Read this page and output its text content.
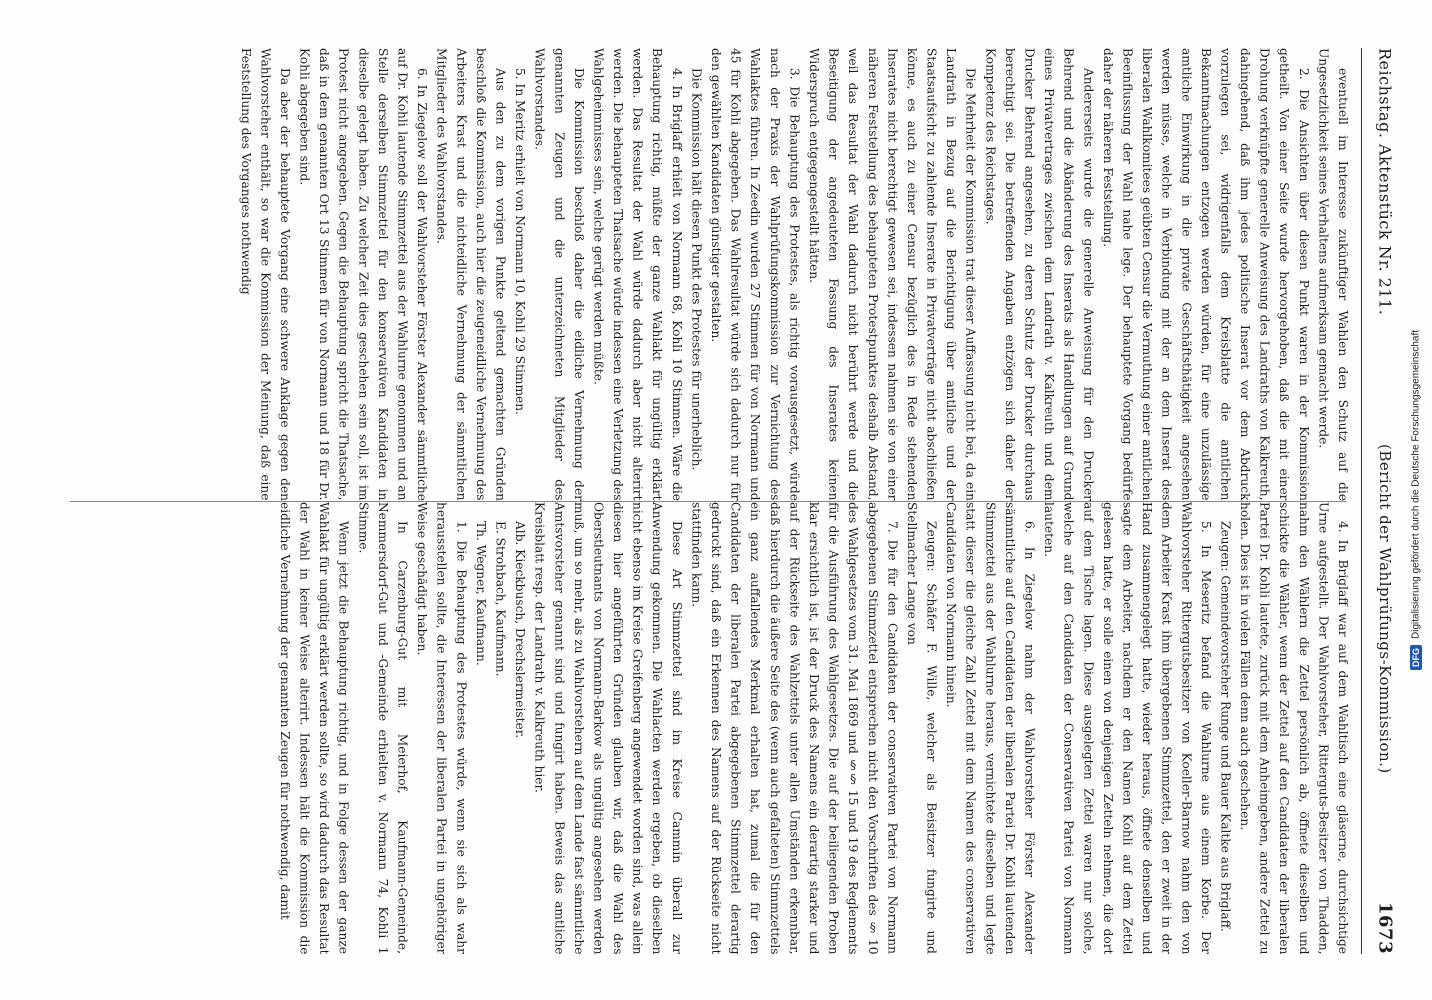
Reichstag. Aktenstück Nr. 211.
(Bericht der Wahlprüfungs-Kommission.)
1673

eventuell im Interesse zukünftiger Wahlen den Schutz auf die Ungesetzlichkeit seines Verhaltens aufmerksam gemacht werde.

2. Die Ansichten über diesen Punkt waren in der Kommission getheilt. Von einer Seite wurde hervorgehoben, daß die mit einer Drohung verknüpfte generelle Anweisung des Landraths von Kalkreuth, dahingehend, daß ihm jedes politische Inserat vor dem Abdruck vorzulegen sei, widrigenfalls dem Kreisblatte die amtlichen Bekanntmachungen entzogen werden würden, für eine unzulässige amtliche Einwirkung in die private Geschäftsthätigkeit angesehen werden müsse, welche in Verbindung mit der an dem Inserat des liberalen Wahlkomitees geübten Censur die Vermuthung einer amtlichen Beeinflussung der Wahl nahe lege. Der behauptete Vorgang bedürfe daher der näheren Feststellung.

Andererseits wurde die generelle Anweisung für den Drucker Behrend und die Abänderung des Inserats als Handlungen auf Grund eines Privatvertrages zwischen dem Landrath v. Kalkreuth und dem Drucker Behrend angesehen, zu deren Schutz der Drucker durchaus berechtigt sei. Die betreffenden Angaben entzögen sich daher der Kompetenz des Reichstages.

Die Mehrheit der Kommission trat dieser Auffassung nicht bei, da ein Landrath in Bezug auf die Berichtigung über amtliche und der Staatsaufsicht zu zahlende Inserate in Privatverträge nicht abschließen könne, es auch zu einer Censur bezüglich des in Rede stehenden Inserates nicht berechtigt gewesen sei, indessen nahmen sie von einer näheren Feststellung des behaupteten Protestpunktes deshalb Abstand, weil das Resultat der Wahl dadurch nicht berührt werde und die Beseitigung der angedeuteten Fassung des Inserates keinen Widerspruch entgegengestellt hätten.

3. Die Behauptung des Protestes, als richtig vorausgesetzt, würde nach der Praxis der Wahlprüfungskommission zur Vernichtung des Wahlaktes führen. In Zeedin wurden 27 Stimmen für von Normann und 45 für Kohli abgegeben. Das Wahlresultat würde sich dadurch nur für den gewählten Kandidaten günstiger gestalten.

Die Kommission hält diesen Punkt des Protestes für unerheblich.

4. In Briglaff erhielt von Normann 68, Kohli 10 Stimmen. Wäre die Behauptung richtig, müßte der ganze Wahlakt für ungültig erklärt werden. Das Resultat der Wahl würde dadurch aber nicht alterirt werden. Die behaupteten Thatsache würde indessen eine Verletzung des Wahlgeheimnisses sein, welche gerügt werden müßte.

Die Kommission beschloß daher die eidliche Vernehmung der genannten Zeugen und die unterzeichneten Mitglieder des Wahlvorstandes.

5. In Meritz erhielt von Normann 10, Kohli 29 Stimmen.

Aus den zu dem vorigen Punkte geltend gemachten Gründen beschloß die Kommission, auch hier die zeugeneidliche Vernehmung des Arbeiters Krast und die nichteidliche Vernehmung der sämmtlichen Mitglieder des Wahlvorstandes.

6. In Ziegelow soll der Wahlvorsteher Förster Alexander sämmtliche auf Dr. Kohli lautende Stimmzettel aus der Wahlurne genommen und an Stelle derselben Stimmzettel für den konservativen Kandidaten in dieselbe gelegt haben. Zu welcher Zeit dies geschehen sein soll, ist im Protest nicht angegeben. Gegen die Behauptung spricht die Thatsache, daß in dem genannten Ort 13 Stimmen für von Normann und 18 für Dr. Kohli abgegeben sind.

Da aber der behauptete Vorgang eine schwere Anklage gegen den Wahlvorsteher enthält, so war die Kommission der Meinung, daß eine Feststellung des Vorganges nothwendig

4. In Briglaff war auf dem Wahltisch eine gläserne, durchsichtige Urne aufgestellt. Der Wahlvorsteher, Ritterguts-Besitzer von Thadden, nahm den Wählern die Zettel persönlich ab, öffnete dieselben und schickte die Wähler, wenn der Zettel auf den Candidaten der liberalen Partei Dr. Kohli lautete, zurück mit dem Anheimgeben, andere Zettel zu holen. Dies ist in vielen Fällen denn auch geschehen.

Zeugen: Gemeindevorsteher Runge und Bauer Kaltke aus Briglaff.

5. In Meseritz befand die Wahlurne aus einem Korbe. Der Wahlvorsteher Rittergutsbesitzer von Koeller-Barnow nahm den von dem Arbeiter Krast ihm übergebenen Stimmzettel, den er zweit in der Hand zusammengelegt hatte, wieder heraus, öffnete denselben und sagte dem Arbeiter, nachdem er den Namen Kohli auf dem Zettel gelesen hatte, er solle einen von denjenigen Zetteln nehmen, die dort auf dem Tische lagen. Diese ausgelegten Zettel waren nur solche, welche auf den Candidaten der Conservativen Partei von Normann lauteten.

6. In Ziegelow nahm der Wahlvorsteher Förster Alexander sämmtliche auf den Candidaten der liberalen Partei Dr. Kohli lautenden Stimmzettel aus der Wahlurne heraus, vernichtete dieselben und legte statt dieser die gleiche Zahl Zettel mit dem Namen des conservativen Candidaten von Normann hinein.

Zeugen: Schäfer F. Wille, welcher als Beisitzer fungirte und Stellmacher Lange von

7. Die für den Candidaten der conservativen Partei von Normann abgegebenen Stimmzettel entsprechen nicht den Vorschriften des § 10 des Wahlgesetzes vom 31. Mai 1869 und §§ 15 und 19 des Reglements für die Ausführung des Wahlgesetzes. Die auf der beiliegenden Proben klar ersichtlich ist, ist der Druck des Namens ein derartig starker und auf der Rückseite des Wahlzettels unter allen Umständen erkennbar, daß hierdurch die äußere Seite des (wenn auch gefalteten) Stimmzettels ein ganz auffallendes Merkmal erhalten hat, zumal die für den Candidaten der liberalen Partei abgegebenen Stimmzettel derartig gedruckt sind, daß ein Erkennen des Namens auf der Rückseite nicht stattfinden kann.

Diese Art Stimmzettel sind im Kreise Cammin überall zur Anwendung gekommen. Die Wahlacten werden ergeben, ob dieselben nicht ebenso im Kreise Greifenberg angewendet worden sind, was allein diesen hier angeführten Gründen glauben wir, daß die Wahl des Oberstleutnants von Normann-Barkow als ungültig angesehen werden muß, um so mehr, als zu Wahlvorstehern auf dem Lande fast sämmtliche Amtsvorsteher genannt sind und fungirt haben. Beweis das amtliche Kreisblatt resp. der Landrath v. Kalkreuth hier.

Alb. Kieckbusch, Drechslermeister.

E. Strohbach, Kaufmann.

Th. Wegner, Kaufmann.

1. Die Behauptung des Protestes würde, wenn sie sich als wahr herausstellen sollte, die Interessen der liberalen Partei in ungehöriger Weise geschädigt haben.

In Carzenburg-Gut mit Meierhof, Kaufmann-Gemeinde, Nemmersdorf-Gut und -Gemeinde erhielten v. Normann 74, Kohli 1 Stimme.

Wenn jetzt die Behauptung richtig, und in Folge dessen der ganze Wahlakt für ungültig erklärt werden sollte, so wird dadurch das Resultat der Wahl in keiner Weise alterirt. Indessen hält die Kommission die eidliche Vernehmung der genannten Zeugen für nothwendig, damit	DFG
Digitalisierung gefördert durch die Deutsche Forschungsgemeinschaft
